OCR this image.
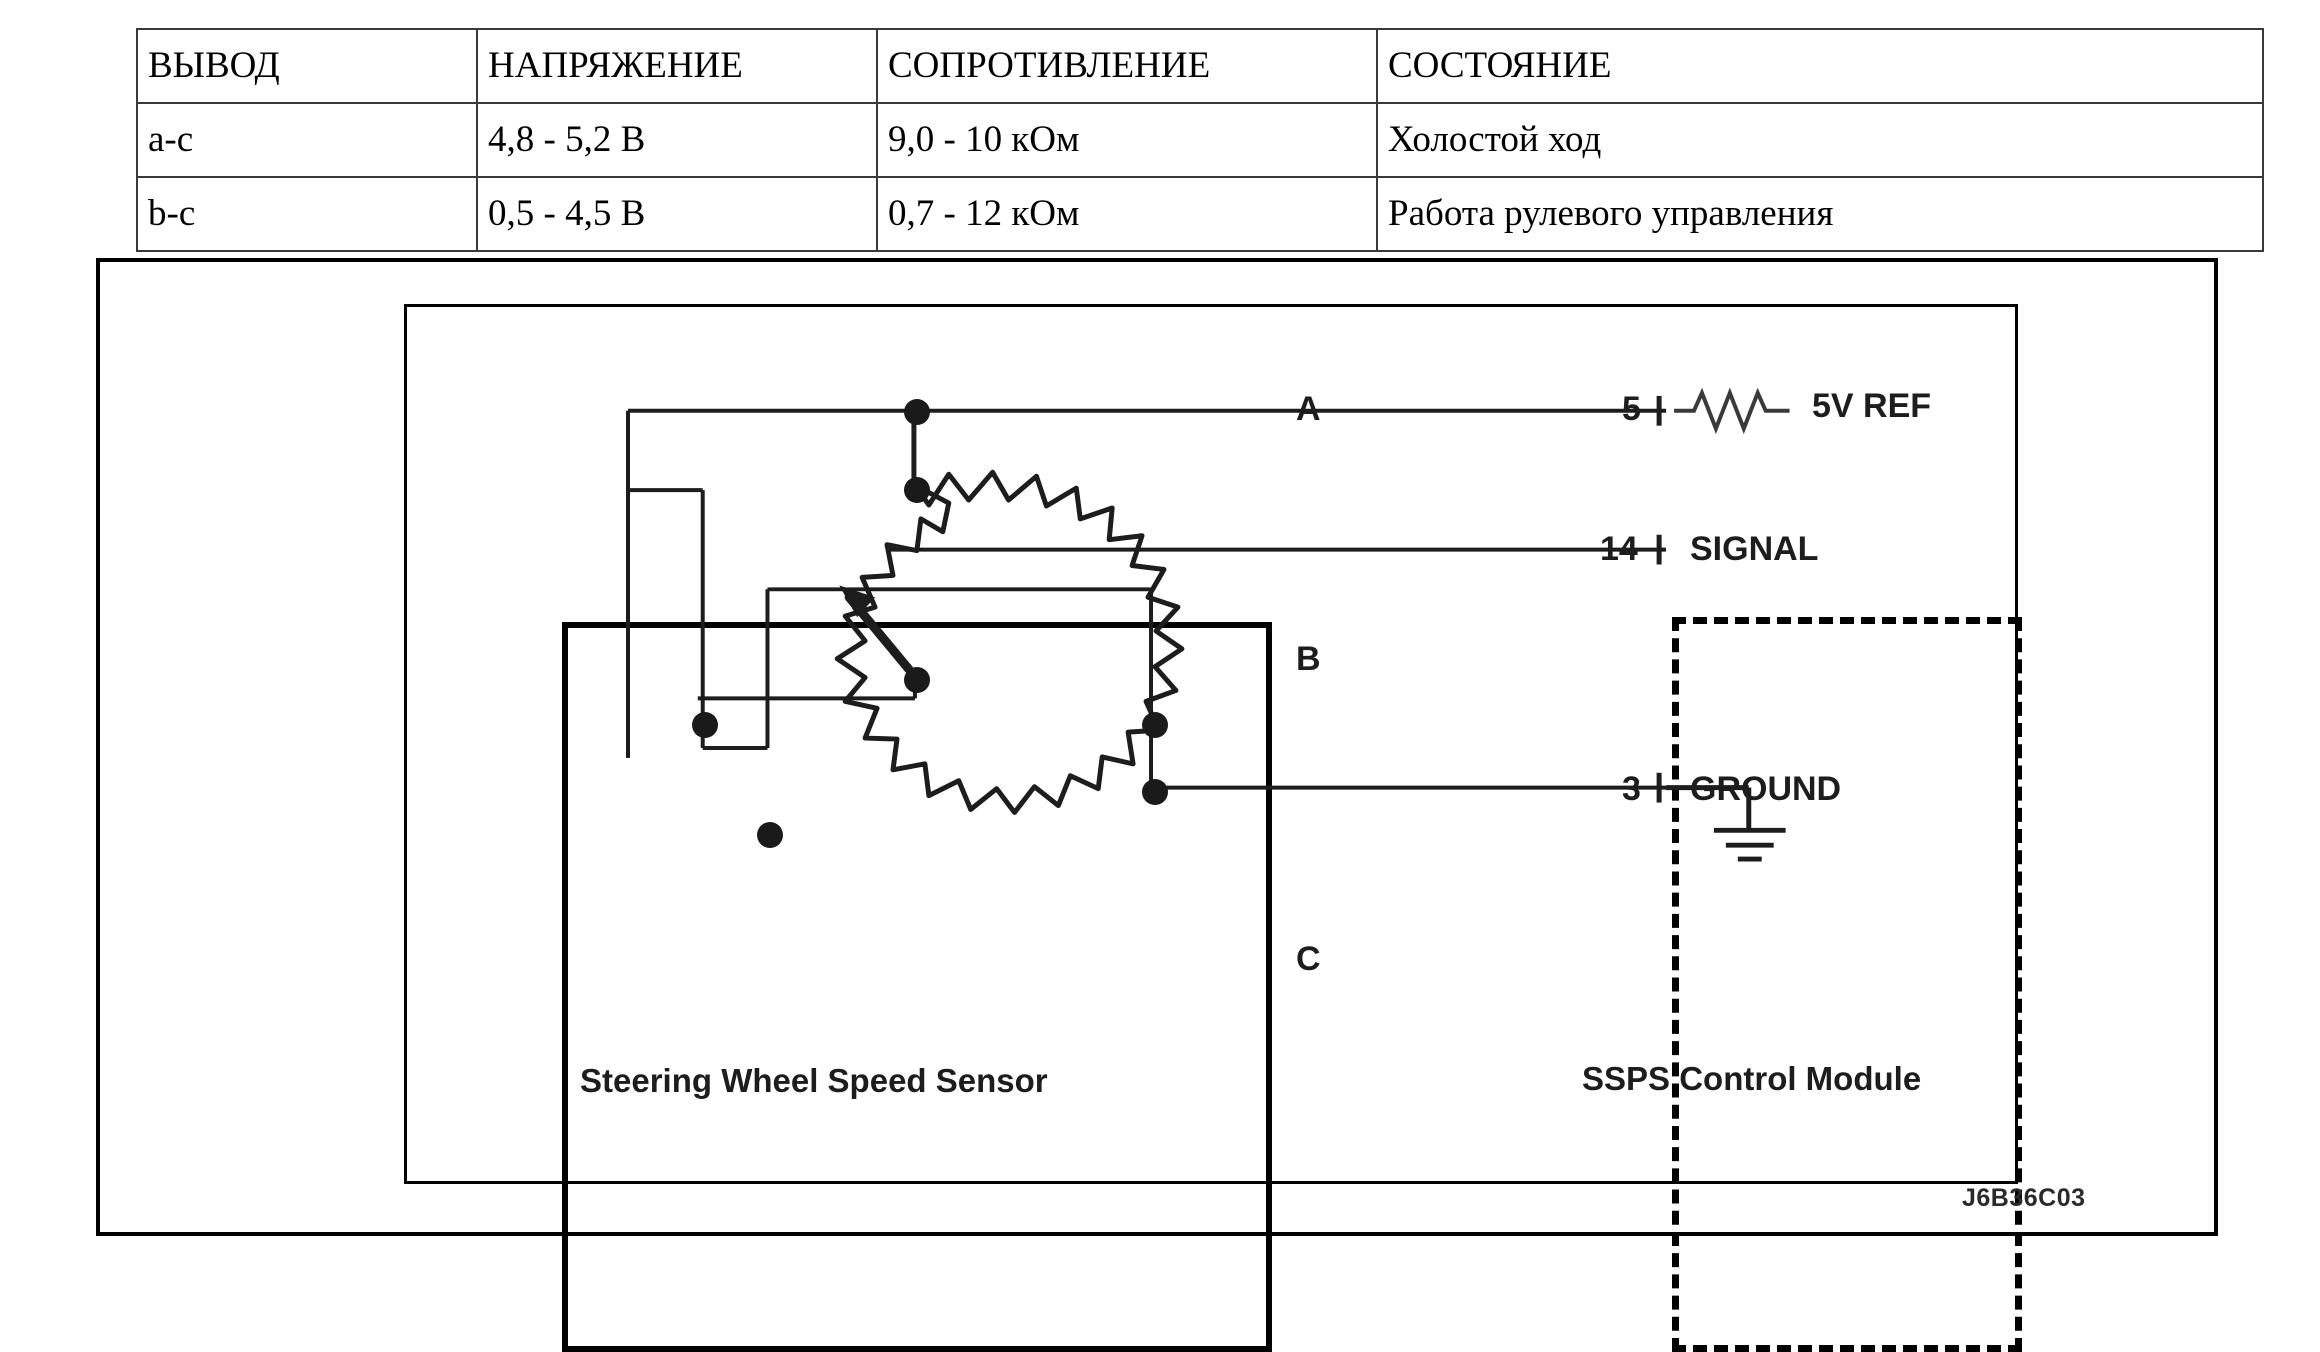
ВЫВОД	НАПРЯЖЕНИЕ	СОПРОТИВЛЕНИЕ	СОСТОЯНИЕ
a-c	4,8 - 5,2 В	9,0 - 10 кОм	Холостой ход
b-c	0,5 - 4,5 В	0,7 - 12 кОм	Работа рулевого управления
A
B
C
5
14
3
5V REF
SIGNAL
GROUND
Steering Wheel Speed Sensor	SSPS Control Module
J6B36C03
